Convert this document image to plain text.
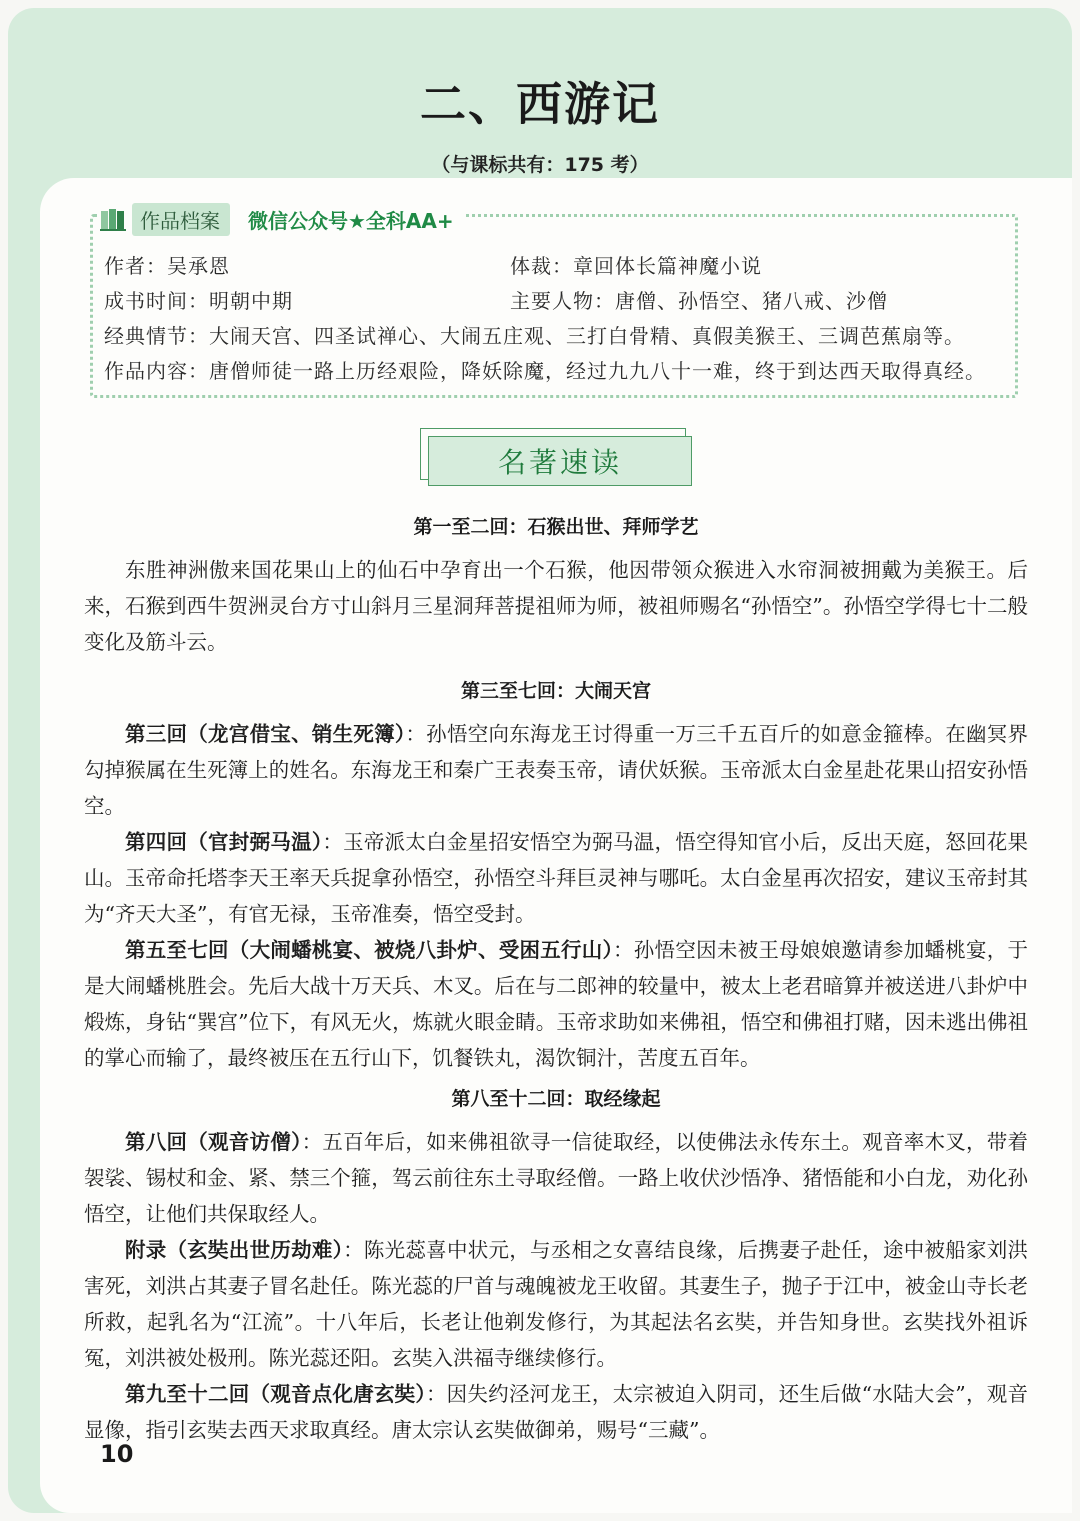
二、西游记
（与课标共有：175 考）
作品档案	微信公众号★全科AA+
作者：吴承恩	体裁：章回体长篇神魔小说
成书时间：明朝中期	主要人物：唐僧、孙悟空、猪八戒、沙僧
经典情节：大闹天宫、四圣试禅心、大闹五庄观、三打白骨精、真假美猴王、三调芭蕉扇等。
作品内容：唐僧师徒一路上历经艰险，降妖除魔，经过九九八十一难，终于到达西天取得真经。
名著速读
第一至二回：石猴出世、拜师学艺
东胜神洲傲来国花果山上的仙石中孕育出一个石猴，他因带领众猴进入水帘洞被拥戴为美猴王。后来，石猴到西牛贺洲灵台方寸山斜月三星洞拜菩提祖师为师，被祖师赐名“孙悟空”。孙悟空学得七十二般变化及筋斗云。
第三至七回：大闹天宫
第三回（龙宫借宝、销生死簿）：孙悟空向东海龙王讨得重一万三千五百斤的如意金箍棒。在幽冥界勾掉猴属在生死簿上的姓名。东海龙王和秦广王表奏玉帝，请伏妖猴。玉帝派太白金星赴花果山招安孙悟空。
第四回（官封弼马温）：玉帝派太白金星招安悟空为弼马温，悟空得知官小后，反出天庭，怒回花果山。玉帝命托塔李天王率天兵捉拿孙悟空，孙悟空斗拜巨灵神与哪吒。太白金星再次招安，建议玉帝封其为“齐天大圣”，有官无禄，玉帝准奏，悟空受封。
第五至七回（大闹蟠桃宴、被烧八卦炉、受困五行山）：孙悟空因未被王母娘娘邀请参加蟠桃宴，于是大闹蟠桃胜会。先后大战十万天兵、木叉。后在与二郎神的较量中，被太上老君暗算并被送进八卦炉中煅炼，身钻“巽宫”位下，有风无火，炼就火眼金睛。玉帝求助如来佛祖，悟空和佛祖打赌，因未逃出佛祖的掌心而输了，最终被压在五行山下，饥餐铁丸，渴饮铜汁，苦度五百年。
第八至十二回：取经缘起
第八回（观音访僧）：五百年后，如来佛祖欲寻一信徒取经，以使佛法永传东土。观音率木叉，带着袈裟、锡杖和金、紧、禁三个箍，驾云前往东土寻取经僧。一路上收伏沙悟净、猪悟能和小白龙，劝化孙悟空，让他们共保取经人。
附录（玄奘出世历劫难）：陈光蕊喜中状元，与丞相之女喜结良缘，后携妻子赴任，途中被船家刘洪害死，刘洪占其妻子冒名赴任。陈光蕊的尸首与魂魄被龙王收留。其妻生子，抛子于江中，被金山寺长老所救，起乳名为“江流”。十八年后，长老让他剃发修行，为其起法名玄奘，并告知身世。玄奘找外祖诉冤，刘洪被处极刑。陈光蕊还阳。玄奘入洪福寺继续修行。
第九至十二回（观音点化唐玄奘）：因失约泾河龙王，太宗被迫入阴司，还生后做“水陆大会”，观音显像，指引玄奘去西天求取真经。唐太宗认玄奘做御弟，赐号“三藏”。
10
